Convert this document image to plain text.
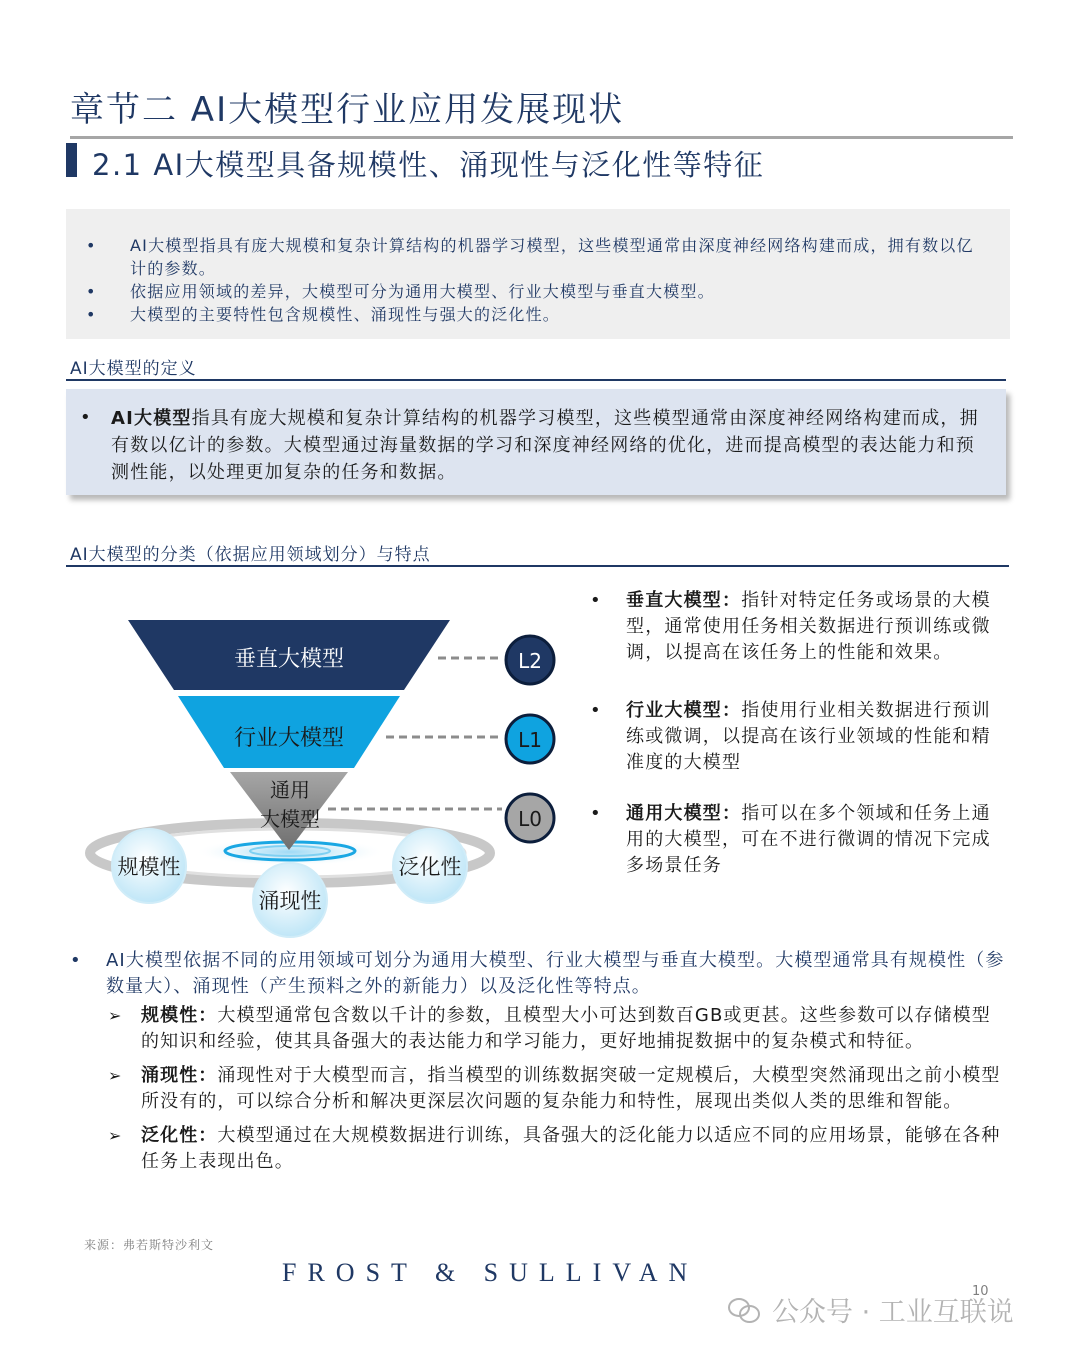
章节二 AI大模型行业应用发展现状
2.1 AI大模型具备规模性、涌现性与泛化性等特征
• AI大模型指具有庞大规模和复杂计算结构的机器学习模型，这些模型通常由深度神经网络构建而成，拥有数以亿计的参数。
• 依据应用领域的差异，大模型可分为通用大模型、行业大模型与垂直大模型。
• 大模型的主要特性包含规模性、涌现性与强大的泛化性。
AI大模型的定义
• AI大模型指具有庞大规模和复杂计算结构的机器学习模型，这些模型通常由深度神经网络构建而成，拥有数以亿计的参数。大模型通过海量数据的学习和深度神经网络的优化，进而提高模型的表达能力和预测性能，以处理更加复杂的任务和数据。
AI大模型的分类（依据应用领域划分）与特点
垂直大模型
行业大模型
通用
大模型
L2
L1
L0
规模性
涌现性
泛化性
• 垂直大模型：指针对特定任务或场景的大模型，通常使用任务相关数据进行预训练或微调，以提高在该任务上的性能和效果。
• 行业大模型：指使用行业相关数据进行预训练或微调，以提高在该行业领域的性能和精准度的大模型
• 通用大模型：指可以在多个领域和任务上通用的大模型，可在不进行微调的情况下完成多场景任务
• AI大模型依据不同的应用领域可划分为通用大模型、行业大模型与垂直大模型。大模型通常具有规模性（参数量大）、涌现性（产生预料之外的新能力）以及泛化性等特点。
➢ 规模性：大模型通常包含数以千计的参数，且模型大小可达到数百GB或更甚。这些参数可以存储模型的知识和经验，使其具备强大的表达能力和学习能力，更好地捕捉数据中的复杂模式和特征。
➢ 涌现性：涌现性对于大模型而言，指当模型的训练数据突破一定规模后，大模型突然涌现出之前小模型所没有的，可以综合分析和解决更深层次问题的复杂能力和特性，展现出类似人类的思维和智能。
➢ 泛化性：大模型通过在大规模数据进行训练，具备强大的泛化能力以适应不同的应用场景，能够在各种任务上表现出色。
来源：弗若斯特沙利文
FROST & SULLIVAN
10
公众号 · 工业互联说
